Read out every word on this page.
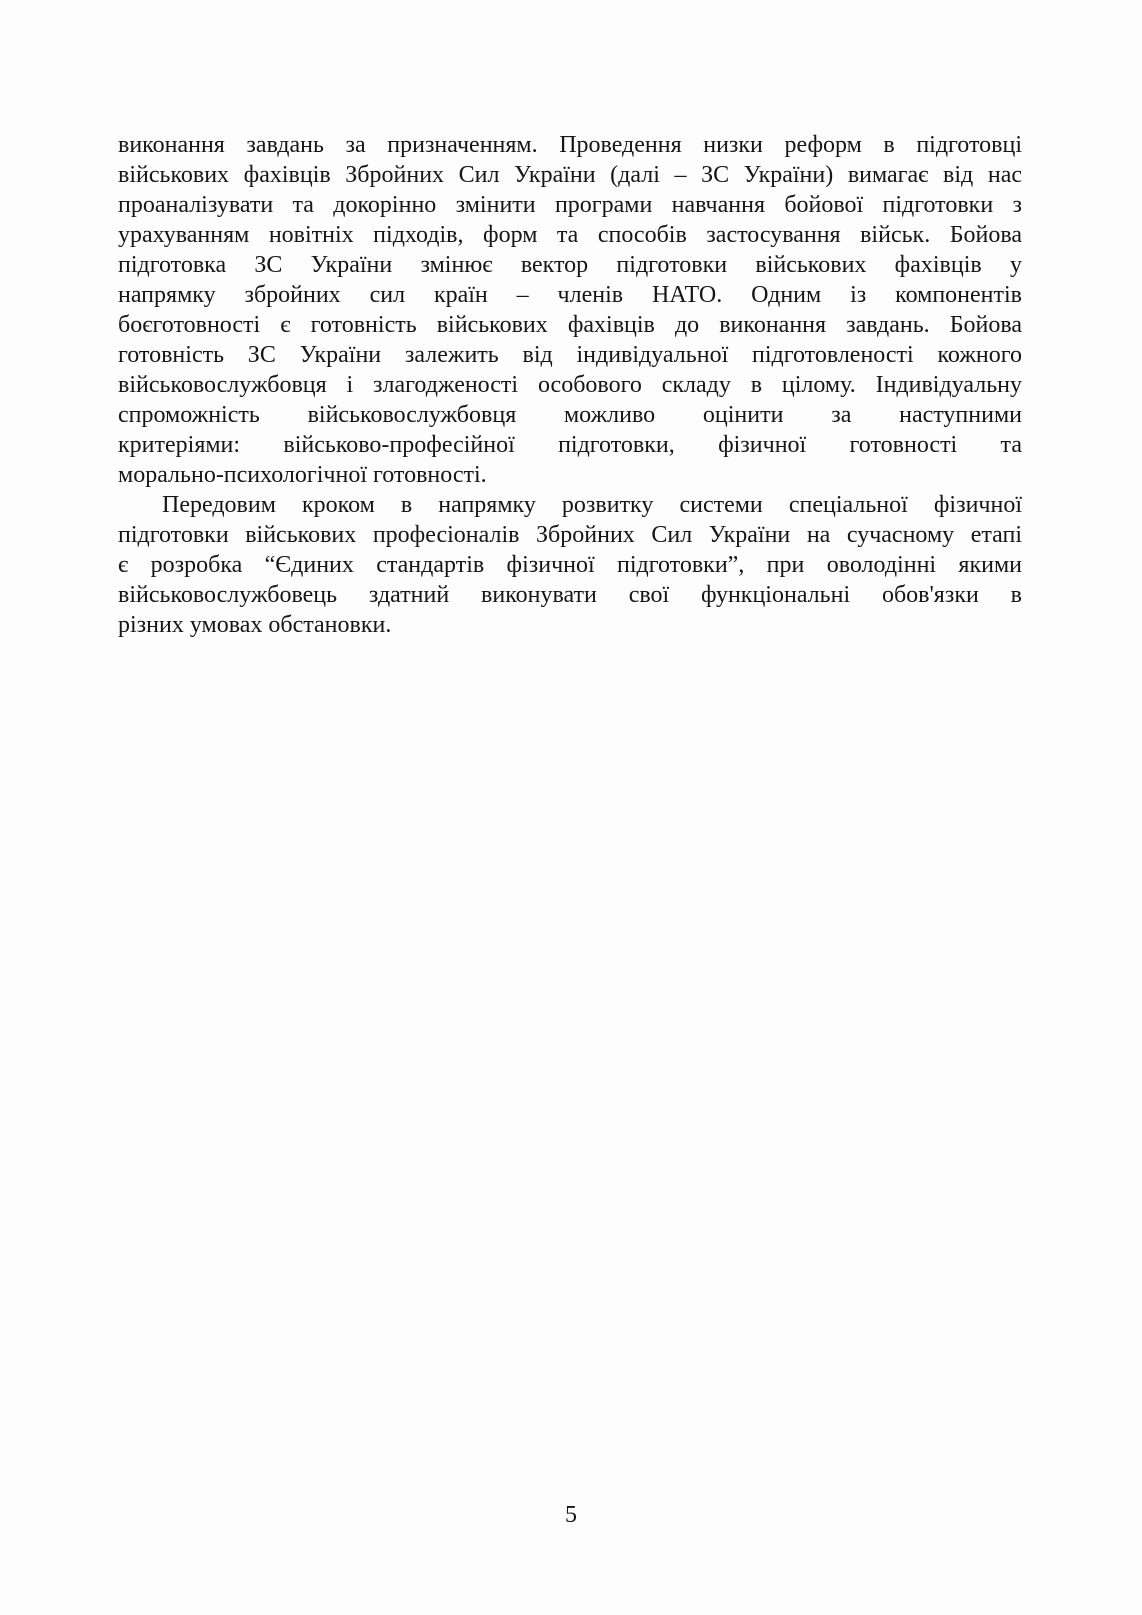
виконання завдань за призначенням. Проведення низки реформ в підготовці
військових фахівців Збройних Сил України (далі – ЗС України) вимагає від нас
проаналізувати та докорінно змінити програми навчання бойової підготовки з
урахуванням новітніх підходів, форм та способів застосування військ. Бойова
підготовка ЗС України змінює вектор підготовки військових фахівців у
напрямку збройних сил країн – членів НАТО. Одним із компонентів
боєготовності є готовність військових фахівців до виконання завдань. Бойова
готовність ЗС України залежить від індивідуальної підготовленості кожного
військовослужбовця і злагодженості особового складу в цілому. Індивідуальну
спроможність військовослужбовця можливо оцінити за наступними
критеріями: військово-професійної підготовки, фізичної готовності та
морально-психологічної готовності.
Передовим кроком в напрямку розвитку системи спеціальної фізичної
підготовки військових професіоналів Збройних Сил України на сучасному етапі
є розробка “Єдиних стандартів фізичної підготовки”, при оволодінні якими
військовослужбовець здатний виконувати свої функціональні обов'язки в
різних умовах обстановки.
5
